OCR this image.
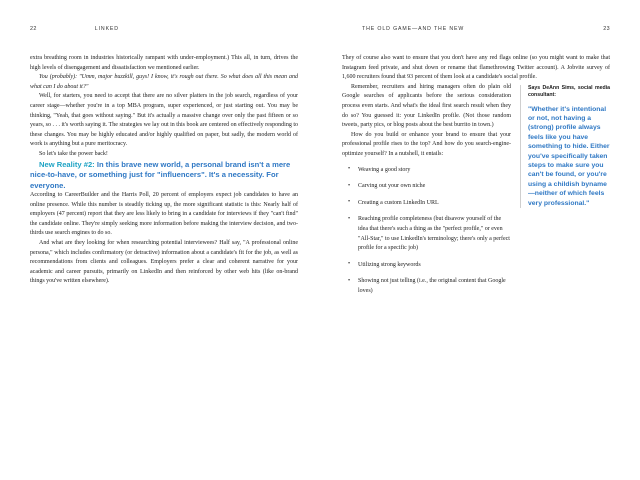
22	LINKED

extra breathing room in industries historically rampant with under-employment.) This all, in turn, drives the high levels of disengagement and dissatisfaction we mentioned earlier.

You (probably): "Umm, major buzzkill, guys! I know, it's rough out there. So what does all this mean and what can I do about it?"

Well, for starters, you need to accept that there are no silver platters in the job search, regardless of your career stage—whether you're in a top MBA program, super experienced, or just starting out. You may be thinking, "Yeah, that goes without saying." But it's actually a massive change over only the past fifteen or so years, so . . . it's worth saying it. The strategies we lay out in this book are centered on effectively responding to these changes. You may be highly educated and/or highly qualified on paper, but sadly, the modern world of work is anything but a pure meritocracy.

So let's take the power back!

New Reality #2: In this brave new world, a personal brand isn't a mere nice-to-have, or something just for "influencers". It's a necessity. For everyone.

According to CareerBuilder and the Harris Poll, 20 percent of employers expect job candidates to have an online presence. While this number is steadily ticking up, the more significant statistic is this: Nearly half of employers (47 percent) report that they are less likely to bring in a candidate for interviews if they "can't find" the candidate online. They're simply seeking more information before making the interview decision, and two-thirds use search engines to do so.

And what are they looking for when researching potential interviewees? Half say, "A professional online persona," which includes confirmatory (or detractive) information about a candidate's fit for the job, as well as recommendations from clients and colleagues. Employers prefer a clear and coherent narrative for your academic and career pursuits, primarily on LinkedIn and then reinforced by other web hits (like on-brand things you've written elsewhere).

THE OLD GAME—AND THE NEW	23

They of course also want to ensure that you don't have any red flags online (so you might want to make that Instagram feed private, and shut down or rename that flamethrowing Twitter account). A Jobvite survey of 1,600 recruiters found that 93 percent of them look at a candidate's social profile.

Says DeAnn Sims, social media consultant:
"Whether it's intentional or not, not having a (strong) profile always feels like you have something to hide. Either you've specifically taken steps to make sure you can't be found, or you're using a childish byname—neither of which feels very professional."

Remember, recruiters and hiring managers often do plain old Google searches of applicants before the serious consideration process even starts. And what's the ideal first search result when they do so? You guessed it: your LinkedIn profile. (Not those random tweets, party pics, or blog posts about the best burrito in town.)

How do you build or enhance your brand to ensure that your professional profile rises to the top? And how do you search-engine-optimize yourself? In a nutshell, it entails:

• Weaving a good story
• Carving out your own niche
• Creating a custom LinkedIn URL
• Reaching profile completeness (but disavow yourself of the idea that there's such a thing as the "perfect profile," or even "All-Star," to use LinkedIn's terminology; there's only a perfect profile for a specific job)
• Utilizing strong keywords
• Showing not just telling (i.e., the original content that Google loves)
